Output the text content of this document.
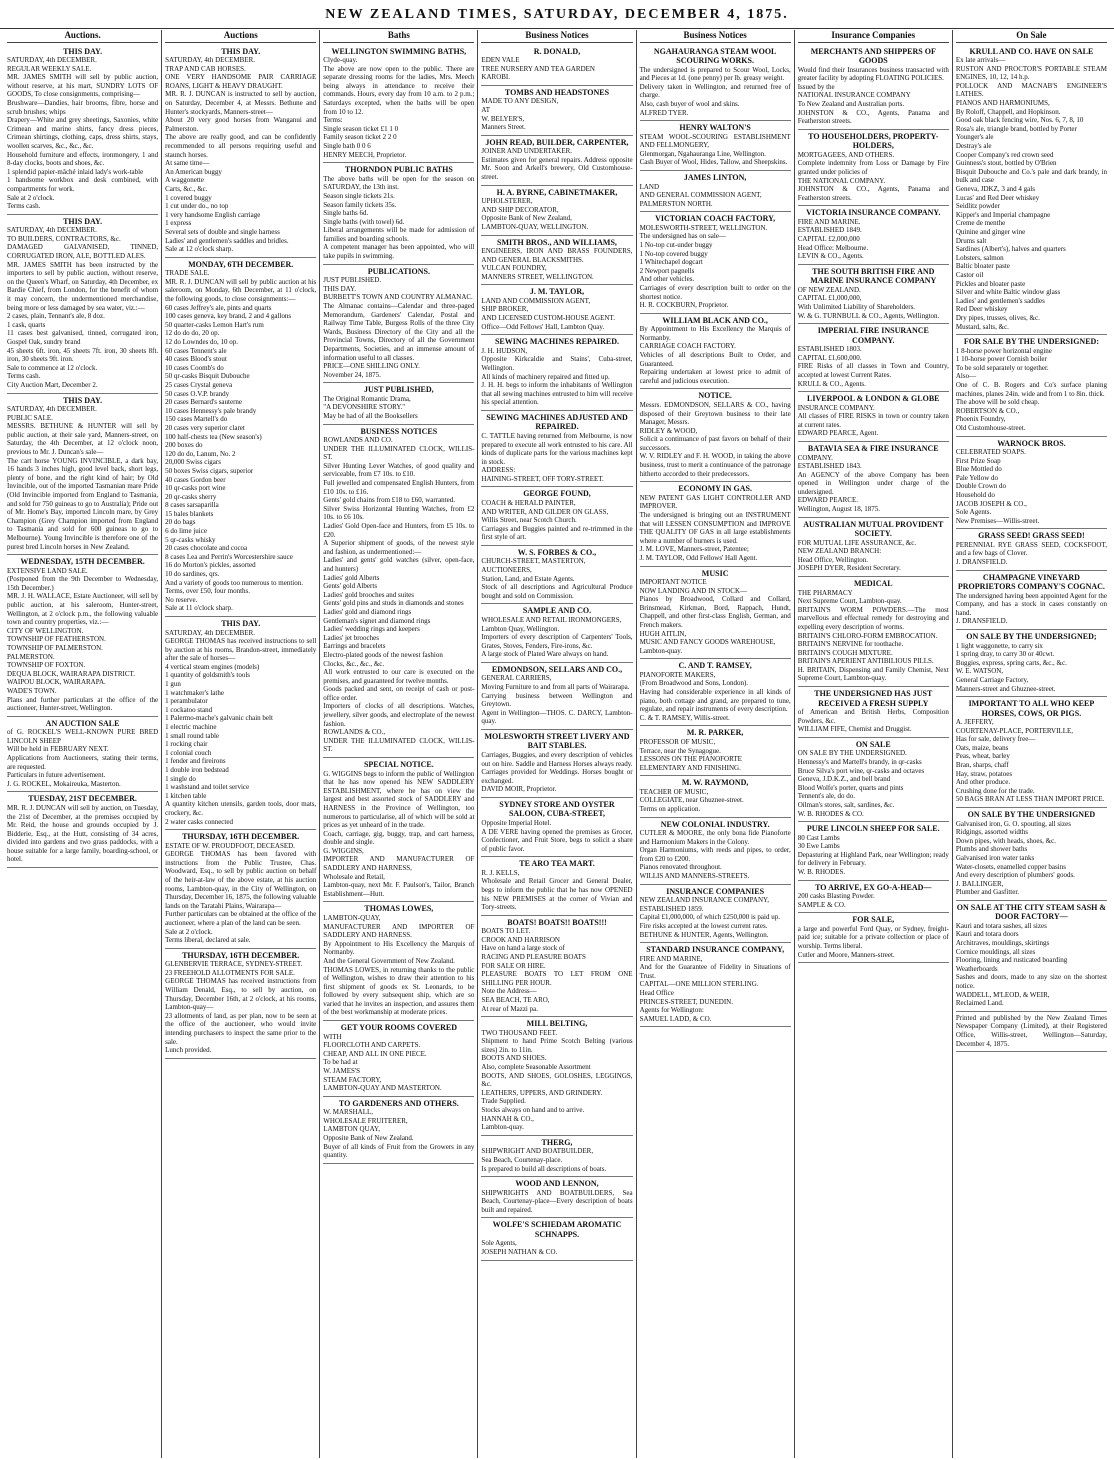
NEW ZEALAND TIMES, SATURDAY, DECEMBER 4, 1875.
Auctions.
THIS DAY.
SATURDAY, 4th DECEMBER.
REGULAR WEEKLY SALE.
MR. JAMES SMITH will sell by public auction, without reserve, at his mart, SUNDRY LOTS OF GOODS, To close consignments, comprising—
Brushware—Dandies, hair brooms, fibre, horse and scrub brushes; whips
Drapery—White and grey sheetings, Saxonies, white Crimean and marine shirts, fancy dress pieces, Crimean shirtings, clothing, caps, dress shirts, stays, woollen scarves, &c., &c., &c.
Household furniture and effects, ironmongery, 1 and 8-day clocks, boots and shoes, &c.
1 splendid papier-mâché inlaid lady's work-table
1 handsome workbox and desk combined, with compartments for work.
Sale at 2 o'clock.
Terms cash.
THIS DAY.
SATURDAY, 4th DECEMBER.
TO BUILDERS, CONTRACTORS, &c.
DAMAGED GALVANISED, TINNED, CORRUGATED IRON, ALE, BOTTLED ALES.
MR. JAMES SMITH has been instructed by the importers to sell by public auction, without reserve, on the Queen's Wharf, on Saturday, 4th December, ex Bardie Chief, from London, for the benefit of whom it may concern, the undermentioned merchandise, being more or less damaged by sea water, viz.:—
2 cases, plain, Tennant's ale, 8 doz.
1 cask, quarts
11 cases best galvanised, tinned, corrugated iron, Gospel Oak, sundry brand
45 sheets 6ft. iron, 45 sheets 7ft. iron, 30 sheets 8ft. iron, 30 sheets 9ft. iron.
Sale to commence at 12 o'clock.
Terms cash.
City Auction Mart, December 2.
THIS DAY.
SATURDAY, 4th DECEMBER.
PUBLIC SALE.
MESSRS. BETHUNE & HUNTER will sell by public auction, at their sale yard, Manners-street, on Saturday, the 4th December, at 12 o'clock noon, previous to Mr. J. Duncan's sale—
The cart horse YOUNG INVINCIBLE, a dark bay, 16 hands 3 inches high, good level back, short legs, plenty of bone, and the right kind of hair; by Old Invincible, out of the imported Tasmanian mare Pride (Old Invincible imported from England to Tasmania, and sold for 750 guineas to go to Australia); Pride out of Mr. Home's Bay, imported Lincoln mare, by Grey Champion (Grey Champion imported from England to Tasmania and sold for 600 guineas to go to Melbourne). Young Invincible is therefore one of the purest bred Lincoln horses in New Zealand.
WEDNESDAY, 15TH DECEMBER.
EXTENSIVE LAND SALE.
(Postponed from the 9th December to Wednesday, 15th December.)
MR. J. H. WALLACE, Estate Auctioneer, will sell by public auction, at his saleroom, Hunter-street, Wellington, at 2 o'clock p.m., the following valuable town and country properties, viz.:—
CITY OF WELLINGTON.
TOWNSHIP OF FEATHERSTON.
TOWNSHIP OF PALMERSTON.
PALMERSTON.
TOWNSHIP OF FOXTON.
DEQUA BLOCK, WAIRARAPA DISTRICT.
WAIPOU BLOCK, WAIRARAPA.
WADE'S TOWN.
Plans and further particulars at the office of the auctioneer, Hunter-street, Wellington.
AN AUCTION SALE
of G. ROCKEL'S WELL-KNOWN PURE BRED LINCOLN SHEEP
Will be held in FEBRUARY NEXT.
Applications from Auctioneers, stating their terms, are requested.
Particulars in future advertisement.
J. G. ROCKEL, Mokaireuka, Masterton.
TUESDAY, 21ST DECEMBER.
MR. R. J. DUNCAN will sell by auction, on Tuesday, the 21st of December, at the premises occupied by Mr. Reid, the house and grounds occupied by J. Bidderie, Esq., at the Hutt, consisting of 34 acres, divided into gardens and two grass paddocks, with a house suitable for a large family, boarding-school, or hotel.
Auctions
THIS DAY.
SATURDAY, 4th DECEMBER.
TRAP AND CAB HORSES.
ONE VERY HANDSOME PAIR CARRIAGE ROANS, LIGHT & HEAVY DRAUGHT.
MR. R. J. DUNCAN is instructed to sell by auction, on Saturday, December 4, at Messrs. Bethune and Hunter's stockyards, Manners-street—
About 20 very good horses from Wanganui and Palmerston.
The above are really good, and can be confidently recommended to all persons requiring useful and staunch horses.
At same time—
An American buggy
A waggonette
Carts, &c., &c.
1 covered buggy
1 cut under do., no top
1 very handsome English carriage
1 express
Several sets of double and single harness
Ladies' and gentlemen's saddles and bridles.
Sale at 12 o'clock sharp.
MONDAY, 6TH DECEMBER.
TRADE SALE.
MR. R. J. DUNCAN will sell by public auction at his saleroom, on Monday, 6th December, at 11 o'clock, the following goods, to close consignments:—
60 cases Jeffrey's ale, pints and quarts
100 cases geneva, key brand, 2 and 4 gallons
50 quarter-casks Lemon Hart's rum
12 do do do, 20 op.
12 do Lowndes do, 10 op.
60 cases Tennent's ale
40 cases Blood's stout
10 cases Coomb's do
50 qr-casks Bisquit Dubouche
25 cases Crystal geneva
50 cases O.V.P. brandy
20 cases Bernard's sauterne
10 cases Hennessy's pale brandy
150 cases Martell's do
20 cases very superior claret
100 half-chests tea (New season's)
200 boxes do
120 do do, Lanum, No. 2
20,000 Swiss cigars
50 boxes Swiss cigars, superior
40 cases Gordon beer
10 qr-casks port wine
20 qr-casks sherry
8 cases sarsaparilla
15 bales blankets
20 do bags
6 do lime juice
5 qr-casks whisky
20 cases chocolate and cocoa
8 cases Lea and Perrin's Worcestershire sauce
16 do Morton's pickles, assorted
10 do sardines, qrs.
And a variety of goods too numerous to mention.
Terms, over £50, four months.
No reserve.
Sale at 11 o'clock sharp.
THIS DAY.
SATURDAY, 4th DECEMBER.
GEORGE THOMAS has received instructions to sell by auction at his rooms, Brandon-street, immediately after the sale of horses—
4 vertical steam engines (models)
1 quantity of goldsmith's tools
1 gun
1 watchmaker's lathe
1 perambulator
1 cockatoo stand
1 Palermo-mache's galvanic chain belt
1 electric machine
1 small round table
1 rocking chair
1 colonial couch
1 fender and fireirons
1 double iron bedstead
1 single do
1 washstand and toilet service
1 kitchen table
A quantity kitchen utensils, garden tools, door mats, crockery, &c.
2 water casks connected
THURSDAY, 16TH DECEMBER.
ESTATE OF W. PROUDFOOT, DECEASED.
GEORGE THOMAS has been favored with instructions from the Public Trustee, Chas. Woodward, Esq., to sell by public auction on behalf of the heir-at-law of the above estate, at his auction rooms, Lambton-quay, in the City of Wellington, on Thursday, December 16, 1875, the following valuable lands on the Taratahi Plains, Wairarapa—
Further particulars can be obtained at the office of the auctioneer, where a plan of the land can be seen.
Sale at 2 o'clock.
Terms liberal, declared at sale.
THURSDAY, 16TH DECEMBER.
GLENBERVIE TERRACE, SYDNEY-STREET.
23 FREEHOLD ALLOTMENTS FOR SALE.
GEORGE THOMAS has received instructions from William Denald, Esq., to sell by auction, on Thursday, December 16th, at 2 o'clock, at his rooms, Lambton-quay—
23 allotments of land, as per plan, now to be seen at the office of the auctioneer, who would invite intending purchasers to inspect the same prior to the sale.
Lunch provided.
Baths
WELLINGTON SWIMMING BATHS,
Clyde-quay.
The above are now open to the public. There are separate dressing rooms for the ladies, Mrs. Meech being always in attendance to receive their commands. Hours, every day from 10 a.m. to 2 p.m.; Saturdays excepted, when the baths will be open from 10 to 12.
Terms:
Single season ticket £1 1 0
Family season ticket 2 2 0
Single bath 0 0 6
HENRY MEECH, Proprietor.
THORNDON PUBLIC BATHS
The above baths will be open for the season on SATURDAY, the 13th inst.
Season single tickets 21s.
Season family tickets 35s.
Single baths 6d.
Single baths (with towel) 6d.
Liberal arrangements will be made for admission of families and boarding schools.
A competent manager has been appointed, who will take pupils in swimming.
PUBLICATIONS.
JUST PUBLISHED.
THIS DAY.
BURBETT'S TOWN AND COUNTRY ALMANAC.
The Almanac contains—Calendar and three-paged Memorandum, Gardeners' Calendar, Postal and Railway Time Table, Burgess Rolls of the three City Wards, Business Directory of the City and all the Provincial Towns, Directory of all the Government Departments, Societies, and an immense amount of information useful to all classes.
PRICE—ONE SHILLING ONLY.
November 24, 1875.
JUST PUBLISHED,
The Original Romantic Drama,
"A DEVONSHIRE STORY."
May be had of all the Booksellers
BUSINESS NOTICES
ROWLANDS AND CO.
UNDER THE ILLUMINATED CLOCK, WILLIS-ST.
Silver Hunting Lever Watches, of good quality and serviceable, from £7 10s. to £10.
Full jewelled and compensated English Hunters, from £10 10s. to £16.
Gents' gold chains from £18 to £60, warranted.
Silver Swiss Horizontal Hunting Watches, from £2 10s. to £6 10s.
Ladies' Gold Open-face and Hunters, from £5 10s. to £20.
A Superior shipment of goods, of the newest style and fashion, as undermentioned:—
Ladies' and gents' gold watches (silver, open-face, and hunters)
Ladies' gold Alberts
Gents' gold Alberts
Ladies' gold brooches and suites
Gents' gold pins and studs in diamonds and stones
Ladies' gold and diamond rings
Gentleman's signet and diamond rings
Ladies' wedding rings and keepers
Ladies' jet brooches
Earrings and bracelets
Electro-plated goods of the newest fashion
Clocks, &c., &c., &c.
All work entrusted to our care is executed on the premises, and guaranteed for twelve months.
Goods packed and sent, on receipt of cash or post-office order.
Importers of clocks of all descriptions. Watches, jewellery, silver goods, and electroplate of the newest fashion.
ROWLANDS & CO.,
UNDER THE ILLUMINATED CLOCK, WILLIS-ST.
SPECIAL NOTICE.
G. WIGGINS begs to inform the public of Wellington that he has now opened his NEW SADDLERY ESTABLISHMENT, where he has on view the largest and best assorted stock of SADDLERY and HARNESS in the Province of Wellington, too numerous to particularise, all of which will be sold at prices as yet unheard of in the trade.
Coach, carriage, gig, buggy, trap, and cart harness, double and single.
G. WIGGINS,
IMPORTER AND MANUFACTURER OF SADDLERY AND HARNESS,
Wholesale and Retail,
Lambton-quay, next Mr. F. Paulson's, Tailor, Branch Establishment—Hutt.
THOMAS LOWES,
LAMBTON-QUAY,
MANUFACTURER AND IMPORTER OF SADDLERY AND HARNESS.
By Appointment to His Excellency the Marquis of Normanby.
And the General Government of New Zealand.
THOMAS LOWES, in returning thanks to the public of Wellington, wishes to draw their attention to his first shipment of goods ex St. Leonards, to be followed by every subsequent ship, which are so varied that he invites an inspection, and assures them of the best workmanship at moderate prices.
GET YOUR ROOMS COVERED
WITH
FLOORCLOTH AND CARPETS.
CHEAP, AND ALL IN ONE PIECE.
To be had at
W. JAMES'S
STEAM FACTORY,
LAMBTON-QUAY AND MASTERTON.
TO GARDENERS AND OTHERS.
W. MARSHALL,
WHOLESALE FRUITERER,
LAMBTON QUAY,
Opposite Bank of New Zealand.
Buyer of all kinds of Fruit from the Growers in any quantity.
Business Notices
R. DONALD,
EDEN VALE
TREE NURSERY AND TEA GARDEN
KAROBI.
TOMBS AND HEADSTONES
MADE TO ANY DESIGN,
AT
W. BELYER'S,
Manners Street.
JOHN READ, BUILDER, CARPENTER,
JOINER AND UNDERTAKER.
Estimates given for general repairs. Address opposite Mr. Soon and Arkell's brewery, Old Customhouse-street.
H. A. BYRNE, CABINETMAKER,
UPHOLSTERER,
AND SHIP DECORATOR,
Opposite Bank of New Zealand,
LAMBTON-QUAY, WELLINGTON.
SMITH BROS., AND WILLIAMS,
ENGINEERS, IRON AND BRASS FOUNDERS, AND GENERAL BLACKSMITHS.
VULCAN FOUNDRY,
MANNERS STREET, WELLINGTON.
J. M. TAYLOR,
LAND AND COMMISSION AGENT,
SHIP BROKER,
AND LICENSED CUSTOM-HOUSE AGENT.
Office—Odd Fellows' Hall, Lambton Quay.
SEWING MACHINES REPAIRED.
J. H. HUDSON,
Opposite Kirkcaldie and Stains', Cuba-street, Wellington.
All kinds of machinery repaired and fitted up.
J. H. H. begs to inform the inhabitants of Wellington that all sewing machines entrusted to him will receive his special attention.
SEWING MACHINES ADJUSTED AND REPAIRED.
C. TATTLE having returned from Melbourne, is now prepared to execute all work entrusted to his care. All kinds of duplicate parts for the various machines kept in stock.
ADDRESS:
HAINING-STREET, OFF TORY-STREET.
GEORGE FOUND,
COACH & HERALD PAINTER,
AND WRITER, AND GILDER ON GLASS,
Willis Street, near Scotch Church.
Carriages and Buggies painted and re-trimmed in the first style of art.
W. S. FORBES & CO.,
CHURCH-STREET, MASTERTON,
AUCTIONEERS,
Station, Land, and Estate Agents.
Stock of all descriptions and Agricultural Produce bought and sold on Commission.
SAMPLE AND CO.
WHOLESALE AND RETAIL IRONMONGERS,
Lambton Quay, Wellington.
Importers of every description of Carpenters' Tools, Grates, Stoves, Fenders, Fire-irons, &c.
A large stock of Plated Ware always on hand.
EDMONDSON, SELLARS AND CO.,
GENERAL CARRIERS,
Moving Furniture to and from all parts of Wairarapa.
Carrying business between Wellington and Greytown.
Agent in Wellington—THOS. C. DARCY, Lambton-quay.
MOLESWORTH STREET LIVERY AND BAIT STABLES.
Carriages, Buggies, and every description of vehicles out on hire. Saddle and Harness Horses always ready. Carriages provided for Weddings. Horses bought or exchanged.
DAVID MOIR, Proprietor.
SYDNEY STORE AND OYSTER SALOON, CUBA-STREET,
Opposite Imperial Hotel.
A DE VERE having opened the premises as Grocer, Confectioner, and Fruit Store, begs to solicit a share of public favor.
TE ARO TEA MART.
R. J. KELLS,
Wholesale and Retail Grocer and General Dealer, begs to inform the public that he has now OPENED his NEW PREMISES at the corner of Vivian and Tory-streets.
BOATS! BOATS!! BOATS!!!
BOATS TO LET.
CROOK AND HARRISON
Have on hand a large stock of
RACING AND PLEASURE BOATS
FOR SALE OR HIRE.
PLEASURE BOATS TO LET FROM ONE SHILLING PER HOUR.
Note the Address—
SEA BEACH, TE ARO,
At rear of Mazzi pa.
MILL BELTING,
TWO THOUSAND FEET.
Shipment to hand Prime Scotch Belting (various sizes) 2in. to 11in.
BOOTS AND SHOES.
Also, complete Seasonable Assortment
BOOTS, AND SHOES, GOLOSHES, LEGGINGS, &c.
LEATHERS, UPPERS, AND GRINDERY.
Trade Supplied.
Stocks always on hand and to arrive.
HANNAH & CO.,
Lambton-quay.
THERG,
SHIPWRIGHT AND BOATBUILDER,
Sea Beach, Courtenay-place.
Is prepared to build all descriptions of boats.
WOOD AND LENNON,
SHIPWRIGHTS AND BOATBUILDERS, Sea Beach, Courtenay-place—Every description of boats built and repaired.
WOLFE'S SCHIEDAM AROMATIC SCHNAPPS.
Sole Agents,
JOSEPH NATHAN & CO.
Business Notices
NGAHAURANGA STEAM WOOL SCOURING WORKS.
The undersigned is prepared to Scour Wool, Locks, and Pieces at 1d. (one penny) per lb. greasy weight.
Delivery taken in Wellington, and returned free of charge.
Also, cash buyer of wool and skins.
ALFRED TYER.
HENRY WALTON'S
STEAM WOOL-SCOURING ESTABLISHMENT AND FELLMONGERY,
Glenmorgan, Ngahauranga Line, Wellington.
Cash Buyer of Wool, Hides, Tallow, and Sheepskins.
JAMES LINTON,
LAND
AND GENERAL COMMISSION AGENT,
PALMERSTON NORTH.
VICTORIAN COACH FACTORY,
MOLESWORTH-STREET, WELLINGTON.
The undersigned has on sale—
1 No-top cut-under buggy
1 No-top covered buggy
1 Whitechapel dogcart
2 Newport pagnells
And other vehicles.
Carriages of every description built to order on the shortest notice.
H. R. COCKBURN, Proprietor.
WILLIAM BLACK AND CO.,
By Appointment to His Excellency the Marquis of Normanby.
CARRIAGE COACH FACTORY.
Vehicles of all descriptions Built to Order, and Guaranteed.
Repairing undertaken at lowest price to admit of careful and judicious execution.
NOTICE.
Messrs. EDMONDSON, SELLARS & CO., having disposed of their Greytown business to their late Manager, Messrs.
RIDLEY & WOOD,
Solicit a continuance of past favors on behalf of their successors.
W. V. RIDLEY and F. H. WOOD, in taking the above business, trust to merit a continuance of the patronage hitherto accorded to their predecessors.
ECONOMY IN GAS.
NEW PATENT GAS LIGHT CONTROLLER AND IMPROVER.
The undersigned is bringing out an INSTRUMENT that will LESSEN CONSUMPTION and IMPROVE THE QUALITY OF GAS in all large establishments where a number of burners is used.
J. M. LOVE, Manners-street, Patentee;
J. M. TAYLOR, Odd Fellows' Hall Agent.
MUSIC
IMPORTANT NOTICE
NOW LANDING AND IN STOCK—
Pianos by Broadwood, Collard and Collard, Brinsmead, Kirkman, Bord, Rappach, Hundt, Chappell, and other first-class English, German, and French makers.
HUGH AITLIN,
MUSIC AND FANCY GOODS WAREHOUSE,
Lambton-quay.
C. AND T. RAMSEY,
PIANOFORTE MAKERS,
(From Broadwood and Sons, London).
Having had considerable experience in all kinds of piano, both cottage and grand, are prepared to tune, regulate, and repair instruments of every description.
C. & T. RAMSEY, Willis-street.
M. R. PARKER,
PROFESSOR OF MUSIC,
Terrace, near the Synagogue.
LESSONS ON THE PIANOFORTE
ELEMENTARY AND FINISHING.
M. W. RAYMOND,
TEACHER OF MUSIC,
COLLEGIATE, near Ghuznee-street.
Terms on application.
NEW COLONIAL INDUSTRY.
CUTLER & MOORE, the only bona fide Pianoforte and Harmonium Makers in the Colony.
Organ Harmoniums, with reeds and pipes, to order, from £20 to £200.
Pianos renovated throughout.
WILLIS AND MANNERS-STREETS.
INSURANCE COMPANIES
NEW ZEALAND INSURANCE COMPANY,
ESTABLISHED 1859.
Capital £1,000,000, of which £250,000 is paid up.
Fire risks accepted at the lowest current rates.
BETHUNE & HUNTER, Agents, Wellington.
STANDARD INSURANCE COMPANY,
FIRE AND MARINE,
And for the Guarantee of Fidelity in Situations of Trust.
CAPITAL—ONE MILLION STERLING.
Head Office
PRINCES-STREET, DUNEDIN.
Agents for Wellington:
SAMUEL LADD, & CO.
Insurance Companies
MERCHANTS AND SHIPPERS OF GOODS
Would find their Insurances business transacted with greater facility by adopting FLOATING POLICIES.
Issued by the
NATIONAL INSURANCE COMPANY
To New Zealand and Australian ports.
JOHNSTON & CO., Agents, Panama and Featherston streets.
TO HOUSEHOLDERS, PROPERTY-HOLDERS,
MORTGAGEES, AND OTHERS.
Complete indemnity from Loss or Damage by Fire granted under policies of
THE NATIONAL COMPANY.
JOHNSTON & CO., Agents, Panama and Featherston streets.
VICTORIA INSURANCE COMPANY.
FIRE AND MARINE.
ESTABLISHED 1849.
CAPITAL £2,000,000
Head Office: Melbourne.
LEVIN & CO., Agents.
THE SOUTH BRITISH FIRE AND MARINE INSURANCE COMPANY
OF NEW ZEALAND.
CAPITAL £1,000,000,
With Unlimited Liability of Shareholders.
W. & G. TURNBULL & CO., Agents, Wellington.
IMPERIAL FIRE INSURANCE COMPANY.
ESTABLISHED 1803.
CAPITAL £1,600,000.
FIRE Risks of all classes in Town and Country, accepted at lowest Current Rates.
KRULL & CO., Agents.
LIVERPOOL & LONDON & GLOBE
INSURANCE COMPANY.
All classes of FIRE RISKS in town or country taken at current rates.
EDWARD PEARCE, Agent.
BATAVIA SEA & FIRE INSURANCE
COMPANY.
ESTABLISHED 1843.
An AGENCY of the above Company has been opened in Wellington under charge of the undersigned.
EDWARD PEARCE.
Wellington, August 18, 1875.
AUSTRALIAN MUTUAL PROVIDENT SOCIETY.
FOR MUTUAL LIFE ASSURANCE, &c.
NEW ZEALAND BRANCH:
Head Office, Wellington.
JOSEPH DYER, Resident Secretary.
MEDICAL
THE PHARMACY
Next Supreme Court, Lambton-quay.
BRITAIN'S WORM POWDERS.—The most marvellous and effectual remedy for destroying and expelling every description of worms.
BRITAIN'S CHLORO-FORM EMBROCATION.
BRITAIN'S NERVINE for toothache.
BRITAIN'S COUGH MIXTURE.
BRITAIN'S APERIENT ANTIBILIOUS PILLS.
H. BRITAIN, Dispensing and Family Chemist, Next Supreme Court, Lambton-quay.
THE UNDERSIGNED HAS JUST RECEIVED A FRESH SUPPLY
of American and British Herbs, Composition Powders, &c.
WILLIAM FIFE, Chemist and Druggist.
ON SALE
ON SALE BY THE UNDERSIGNED.
Hennessy's and Martell's brandy, in qr-casks
Bruce Silva's port wine, qr-casks and octaves
Geneva, J.D.K.Z., and bell brand
Blood Wolfe's porter, quarts and pints
Tennent's ale, do do.
Oilman's stores, salt, sardines, &c.
W. B. RHODES & CO.
PURE LINCOLN SHEEP FOR SALE.
80 Cast Lambs
30 Ewe Lambs
Depasturing at Highland Park, near Wellington; ready for delivery in February.
W. B. RHODES.
TO ARRIVE, EX GO-A-HEAD—
200 casks Blasting Powder.
SAMPLE & CO.
FOR SALE,
a large and powerful Ford Quay, or Sydney, freight-paid ice; suitable for a private collection or place of worship. Terms liberal.
Cutler and Moore, Manners-street.
On Sale
KRULL AND CO. HAVE ON SALE
Ex late arrivals—
RUSTON AND PROCTOR'S PORTABLE STEAM ENGINES, 10, 12, 14 h.p.
POLLOCK AND MACNAB'S ENGINEER'S LATHES.
PIANOS AND HARMONIUMS,
By Roloff, Chappell, and Hopkinson.
Good oak black fencing wire, Nos. 6, 7, 8, 10
Rosa's ale, triangle brand, bottled by Porter
Younger's ale
Destray's ale
Cooper Company's red crown seed
Guinness's stout, bottled by O'Brien
Bisquit Dubouche and Co.'s pale and dark brandy, in bulk and case
Geneva, JDKZ, 3 and 4 gals
Lucas' and Red Deer whiskey
Seidlitz powder
Kipper's and Imperial champagne
Creme de menthe
Quinine and ginger wine
Drums salt
Sardines (Albert's), halves and quarters
Lobsters, salmon
Baltic bloater paste
Castor oil
Pickles and bloater paste
Silver and white Baltic window glass
Ladies' and gentlemen's saddles
Red Deer whiskey
Dry pipes, trusses, olives, &c.
Mustard, salts, &c.
FOR SALE BY THE UNDERSIGNED:
1 8-horse power horizontal engine
1 10-horse power Cornish boiler
To be sold separately or together.
Also—
One of C. B. Rogers and Co's surface planing machines, planes 24in. wide and from 1 to 8in. thick.
The above will be sold cheap.
ROBERTSON & CO.,
Phoenix Foundry,
Old Customhouse-street.
WARNOCK BROS.
CELEBRATED SOAPS.
First Prize Soap
Blue Mottled do
Pale Yellow do
Double Crown do
Household do
JACOB JOSEPH & CO.,
Sole Agents.
New Premises—Willis-street.
GRASS SEED! GRASS SEED!
PERENNIAL RYE GRASS SEED, COCKSFOOT, and a few bags of Clover.
J. DRANSFIELD.
CHAMPAGNE VINEYARD PROPRIETORS COMPANY'S COGNAC.
The undersigned having been appointed Agent for the Company, and has a stock in cases constantly on hand.
J. DRANSFIELD.
ON SALE BY THE UNDERSIGNED;
1 light waggonette, to carry six
1 spring dray, to carry 30 or 40cwt.
Buggies, express, spring carts, &c., &c.
W. E. WATSON,
General Carriage Factory,
Manners-street and Ghuznee-street.
IMPORTANT TO ALL WHO KEEP HORSES, COWS, OR PIGS.
A. JEFFERY,
COURTENAY-PLACE, PORTERVILLE,
Has for sale, delivery free—
Oats, maize, beans
Peas, wheat, barley
Bran, sharps, chaff
Hay, straw, potatoes
And other produce.
Crushing done for the trade.
50 BAGS BRAN AT LESS THAN IMPORT PRICE.
ON SALE BY THE UNDERSIGNED
Galvanised iron, G. O. spouting, all sizes
Ridgings, assorted widths
Down pipes, with heads, shoes, &c.
Plumbs and shower baths
Galvanised iron water tanks
Water-closets, enamelled copper basins
And every description of plumbers' goods.
J. BALLINGER,
Plumber and Gasfitter.
ON SALE AT THE CITY STEAM SASH & DOOR FACTORY—
Kauri and totara sashes, all sizes
Kauri and totara doors
Architraves, mouldings, skirtings
Cornice mouldings, all sizes
Flooring, lining and rusticated boarding
Weatherboards
Sashes and doors, made to any size on the shortest notice.
WADDELL, M'LEOD, & WEIR,
Reclaimed Land.
Printed and published by the New Zealand Times Newspaper Company (Limited), at their Registered Office, Willis-street, Wellington—Saturday, December 4, 1875.
